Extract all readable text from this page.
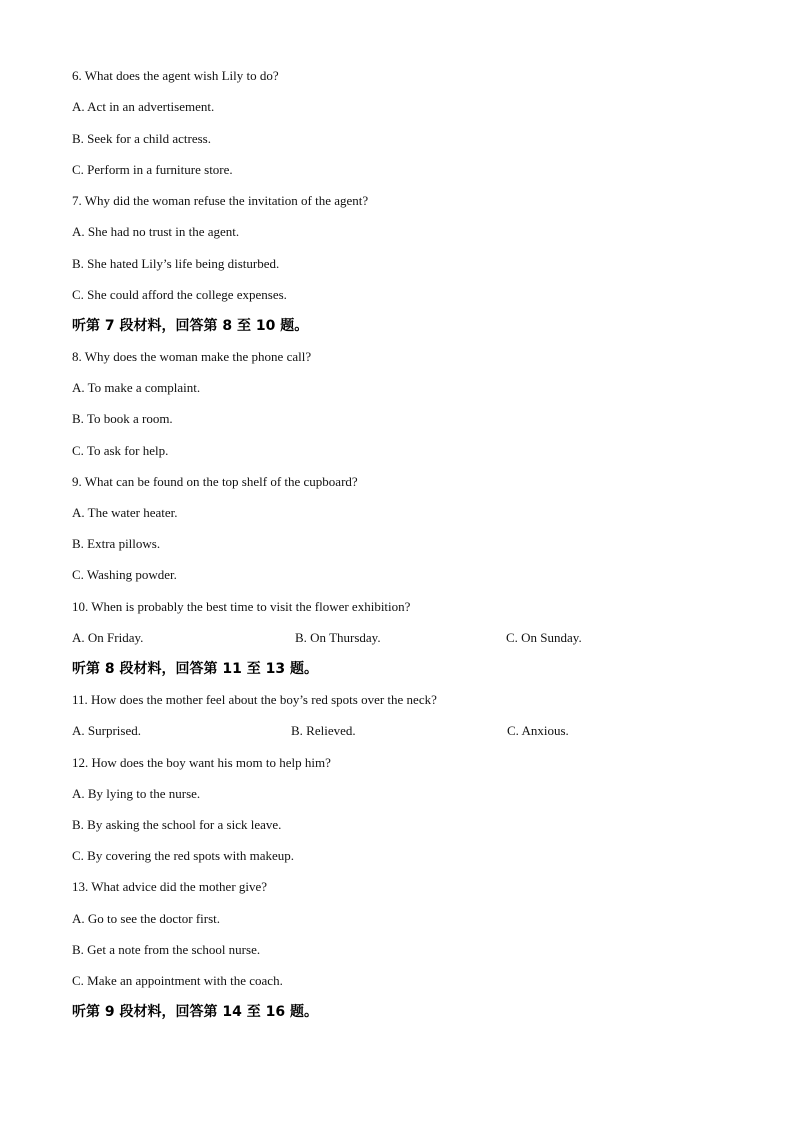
6. What does the agent wish Lily to do?
A. Act in an advertisement.
B. Seek for a child actress.
C. Perform in a furniture store.
7. Why did the woman refuse the invitation of the agent?
A. She had no trust in the agent.
B. She hated Lily’s life being disturbed.
C. She could afford the college expenses.
听第 7 段材料，回答第 8 至 10 题。
8. Why does the woman make the phone call?
A. To make a complaint.
B. To book a room.
C. To ask for help.
9. What can be found on the top shelf of the cupboard?
A. The water heater.
B. Extra pillows.
C. Washing powder.
10. When is probably the best time to visit the flower exhibition?
A. On Friday.	B. On Thursday.	C. On Sunday.
听第 8 段材料，回答第 11 至 13 题。
11. How does the mother feel about the boy’s red spots over the neck?
A. Surprised.	B. Relieved.	C. Anxious.
12. How does the boy want his mom to help him?
A. By lying to the nurse.
B. By asking the school for a sick leave.
C. By covering the red spots with makeup.
13. What advice did the mother give?
A. Go to see the doctor first.
B. Get a note from the school nurse.
C. Make an appointment with the coach.
听第 9 段材料，回答第 14 至 16 题。
